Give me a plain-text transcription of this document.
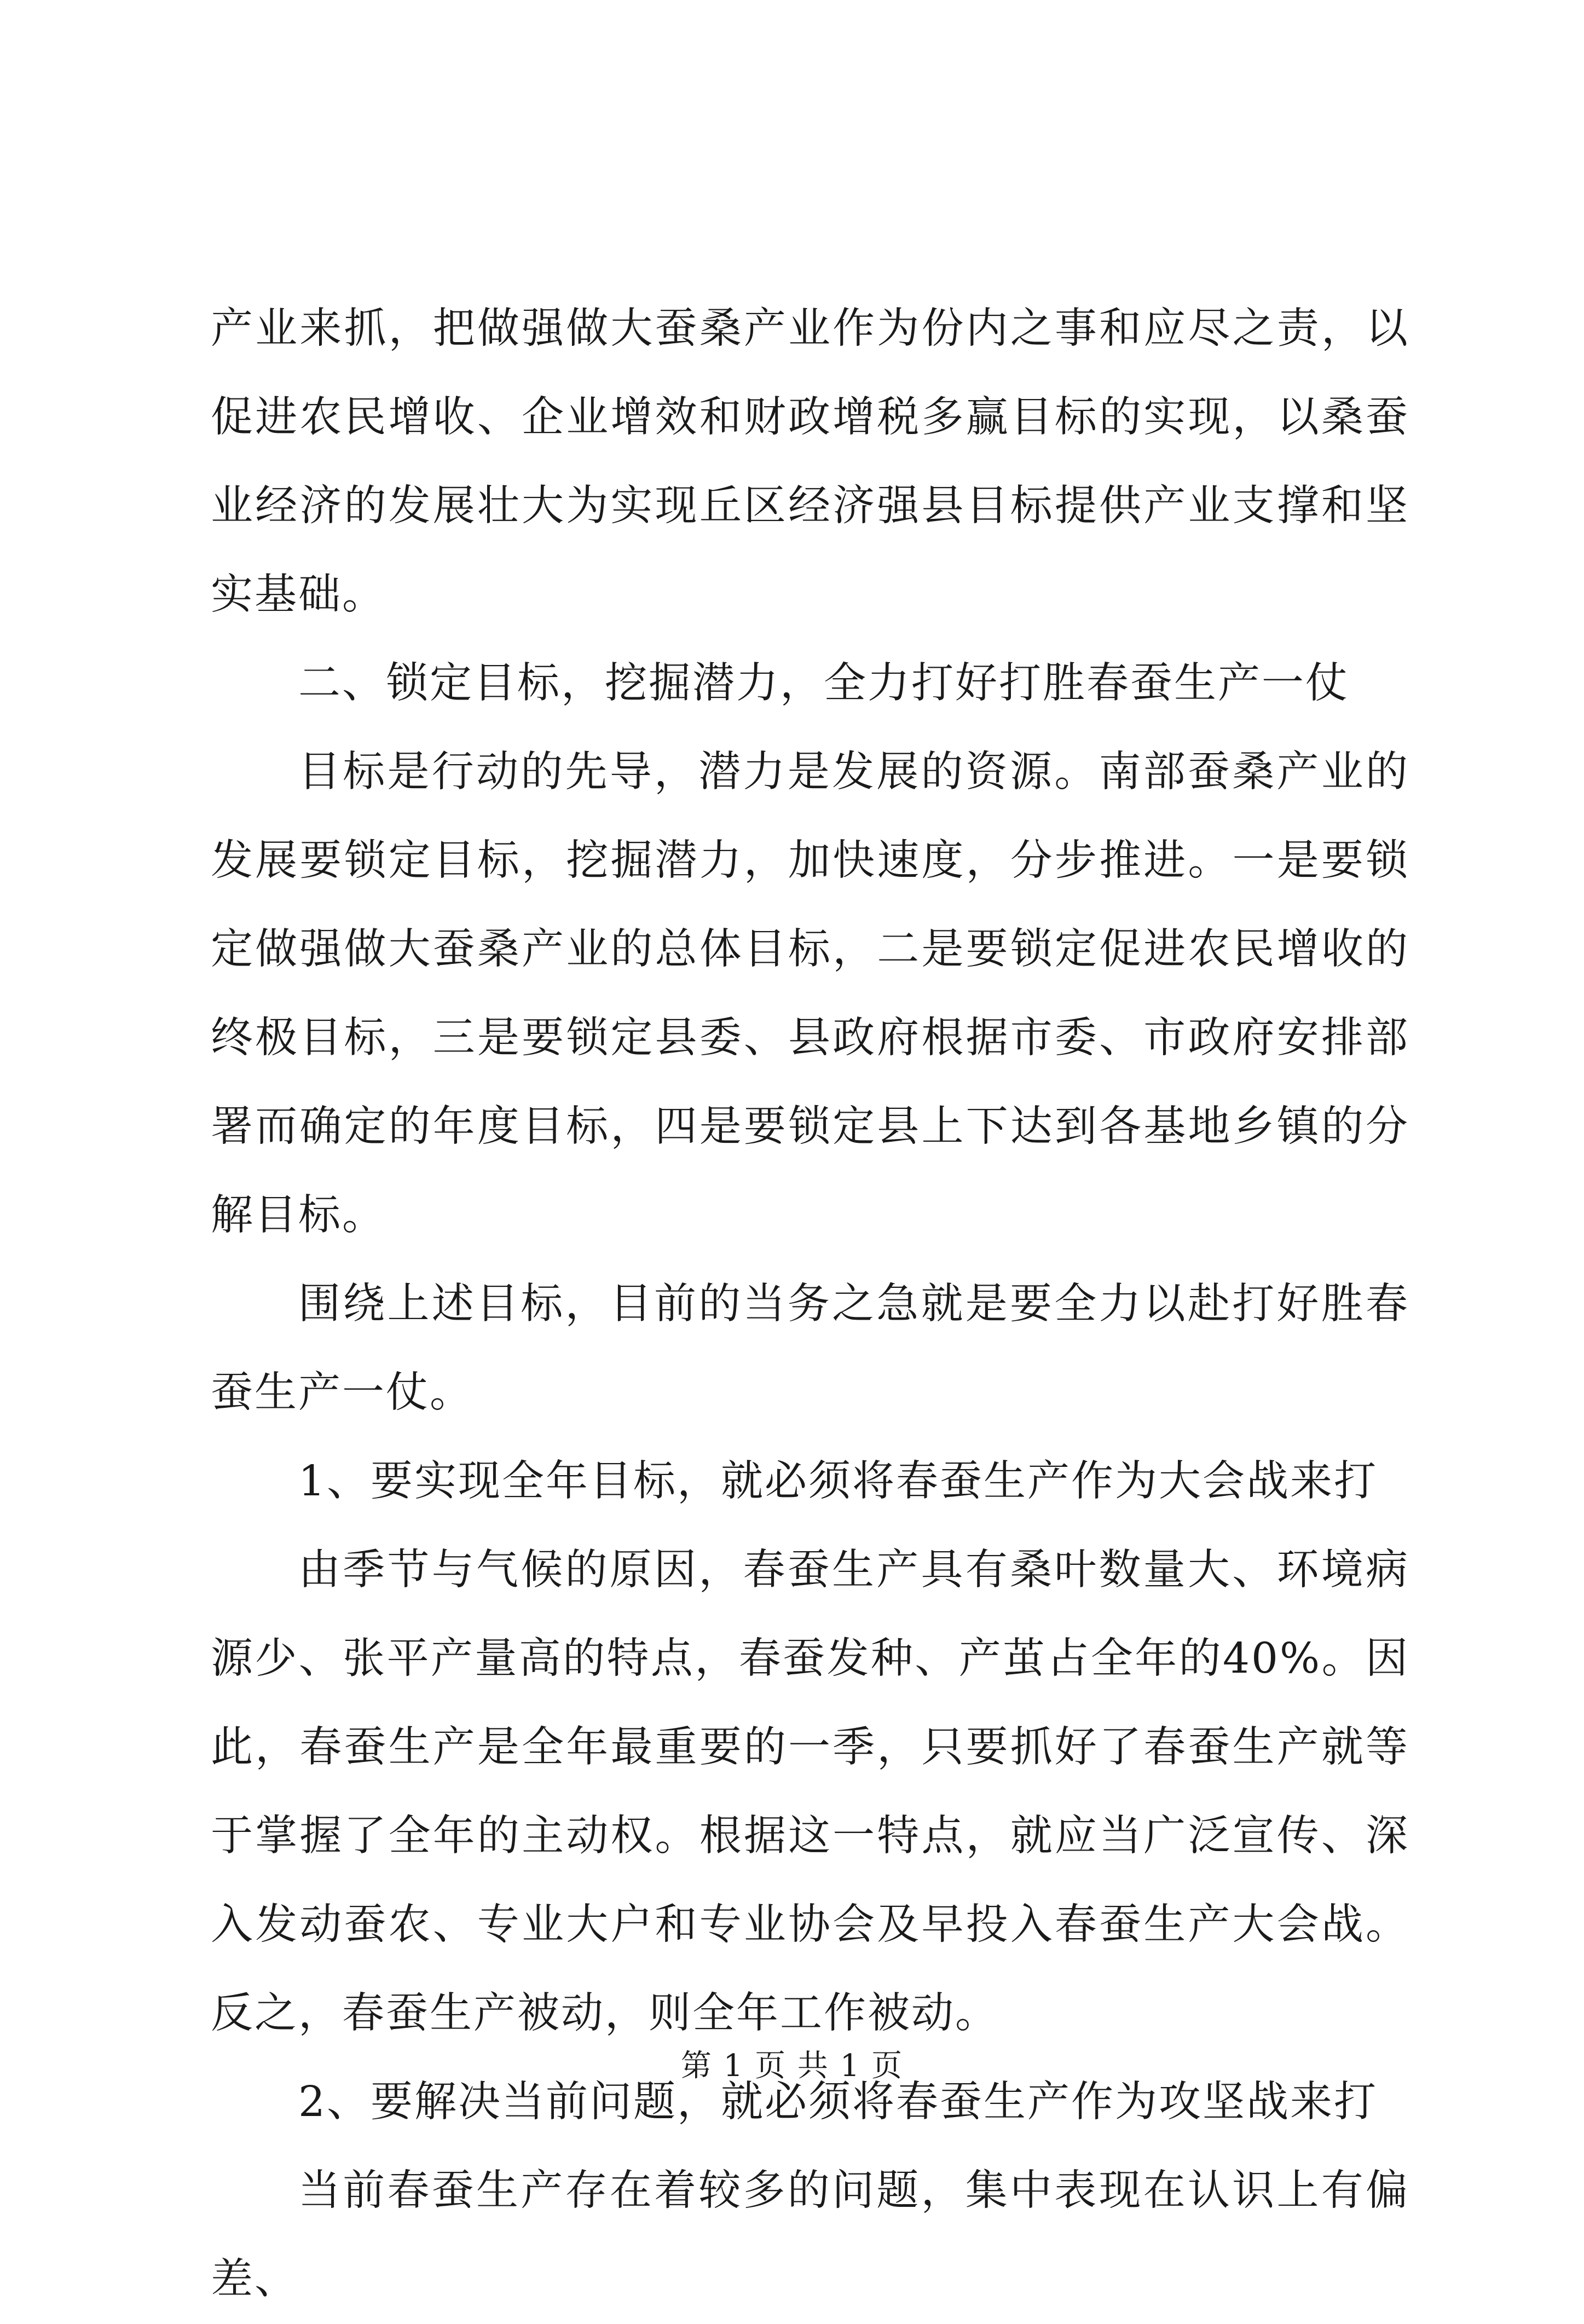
产业来抓，把做强做大蚕桑产业作为份内之事和应尽之责，以促进农民增收、企业增效和财政增税多赢目标的实现，以桑蚕业经济的发展壮大为实现丘区经济强县目标提供产业支撑和坚实基础。

二、锁定目标，挖掘潜力，全力打好打胜春蚕生产一仗

目标是行动的先导，潜力是发展的资源。南部蚕桑产业的发展要锁定目标，挖掘潜力，加快速度，分步推进。一是要锁定做强做大蚕桑产业的总体目标，二是要锁定促进农民增收的终极目标，三是要锁定县委、县政府根据市委、市政府安排部署而确定的年度目标，四是要锁定县上下达到各基地乡镇的分解目标。

围绕上述目标，目前的当务之急就是要全力以赴打好胜春蚕生产一仗。

1、要实现全年目标，就必须将春蚕生产作为大会战来打

由季节与气候的原因，春蚕生产具有桑叶数量大、环境病源少、张平产量高的特点，春蚕发种、产茧占全年的40%。因此，春蚕生产是全年最重要的一季，只要抓好了春蚕生产就等于掌握了全年的主动权。根据这一特点，就应当广泛宣传、深入发动蚕农、专业大户和专业协会及早投入春蚕生产大会战。反之，春蚕生产被动，则全年工作被动。

2、要解决当前问题，就必须将春蚕生产作为攻坚战来打

当前春蚕生产存在着较多的问题，集中表现在认识上有偏差、

第 1 页 共 1 页
